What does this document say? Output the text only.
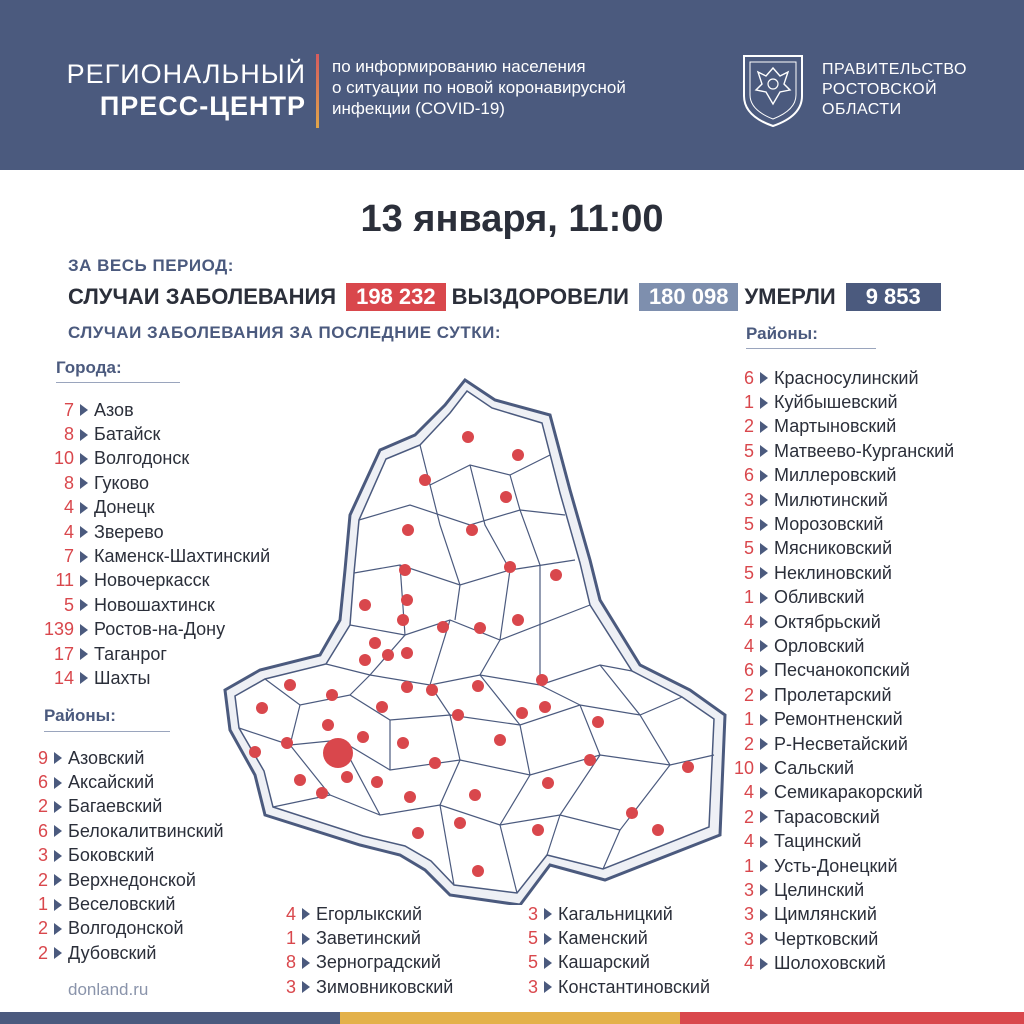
РЕГИОНАЛЬНЫЙ
ПРЕСС-ЦЕНТР
по информированию населения
о ситуации по новой коронавирусной
инфекции (COVID-19)
ПРАВИТЕЛЬСТВО
РОСТОВСКОЙ
ОБЛАСТИ
13 января, 11:00
ЗА ВЕСЬ ПЕРИОД:
СЛУЧАИ ЗАБОЛЕВАНИЯ 198 232 ВЫЗДОРОВЕЛИ 180 098 УМЕРЛИ	9 853
СЛУЧАИ ЗАБОЛЕВАНИЯ ЗА ПОСЛЕДНИЕ СУТКИ:
Города:
7 Азов
8 Батайск
10 Волгодонск
8 Гуково
4 Донецк
4 Зверево
7 Каменск-Шахтинский
11 Новочеркасск
5 Новошахтинск
139 Ростов-на-Дону
17 Таганрог
14 Шахты
Районы:
9 Азовский
6 Аксайский
2 Багаевский
6 Белокалитвинский
3 Боковский
2 Верхнедонской
1 Веселовский
2 Волгодонской
2 Дубовский
4 Егорлыкский
1 Заветинский
8 Зерноградский
3 Зимовниковский
3 Кагальницкий
5 Каменский
5 Кашарский
3 Константиновский
Районы:
6 Красносулинский
1 Куйбышевский
2 Мартыновский
5 Матвеево-Курганский
6 Миллеровский
3 Милютинский
5 Морозовский
5 Мясниковский
5 Неклиновский
1 Обливский
4 Октябрьский
4 Орловский
6 Песчанокопский
2 Пролетарский
1 Ремонтненский
2 Р-Несветайский
10 Сальский
4 Семикаракорский
2 Тарасовский
4 Тацинский
1 Усть-Донецкий
3 Целинский
3 Цимлянский
3 Чертковский
4 Шолоховский
donland.ru
